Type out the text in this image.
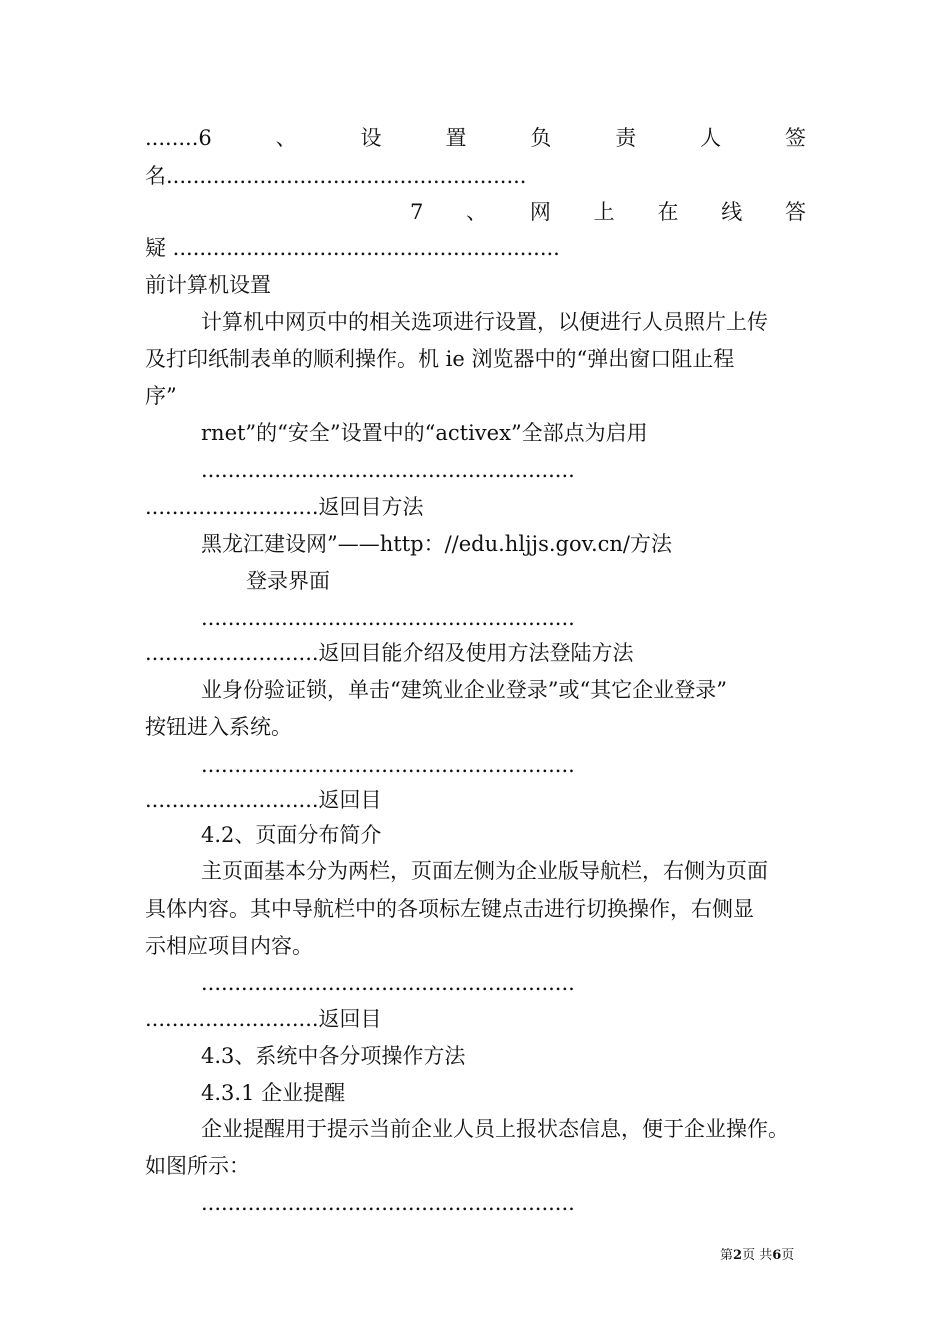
........6	、	设	置	负	责	人	签
名......................................................
7 、 网 上 在 线 答
疑 ..........................................................
前计算机设置
计算机中网页中的相关选项进行设置，以便进行人员照片上传
及打印纸制表单的顺利操作。机 ie 浏览器中的“弹出窗口阻止程
序”
rnet”的“安全”设置中的“activex”全部点为启用
........................................................
..........................返回目方法
黑龙江建设网”——http：//edu.hljjs.gov.cn/方法
登录界面
........................................................
..........................返回目能介绍及使用方法登陆方法
业身份验证锁，单击“建筑业企业登录”或“其它企业登录”
按钮进入系统。
........................................................
..........................返回目
4.2、页面分布简介
主页面基本分为两栏，页面左侧为企业版导航栏，右侧为页面
具体内容。其中导航栏中的各项标左键点击进行切换操作，右侧显
示相应项目内容。
........................................................
..........................返回目
4.3、系统中各分项操作方法
4.3.1 企业提醒
企业提醒用于提示当前企业人员上报状态信息，便于企业操作。
如图所示：
........................................................
第2页 共6页
